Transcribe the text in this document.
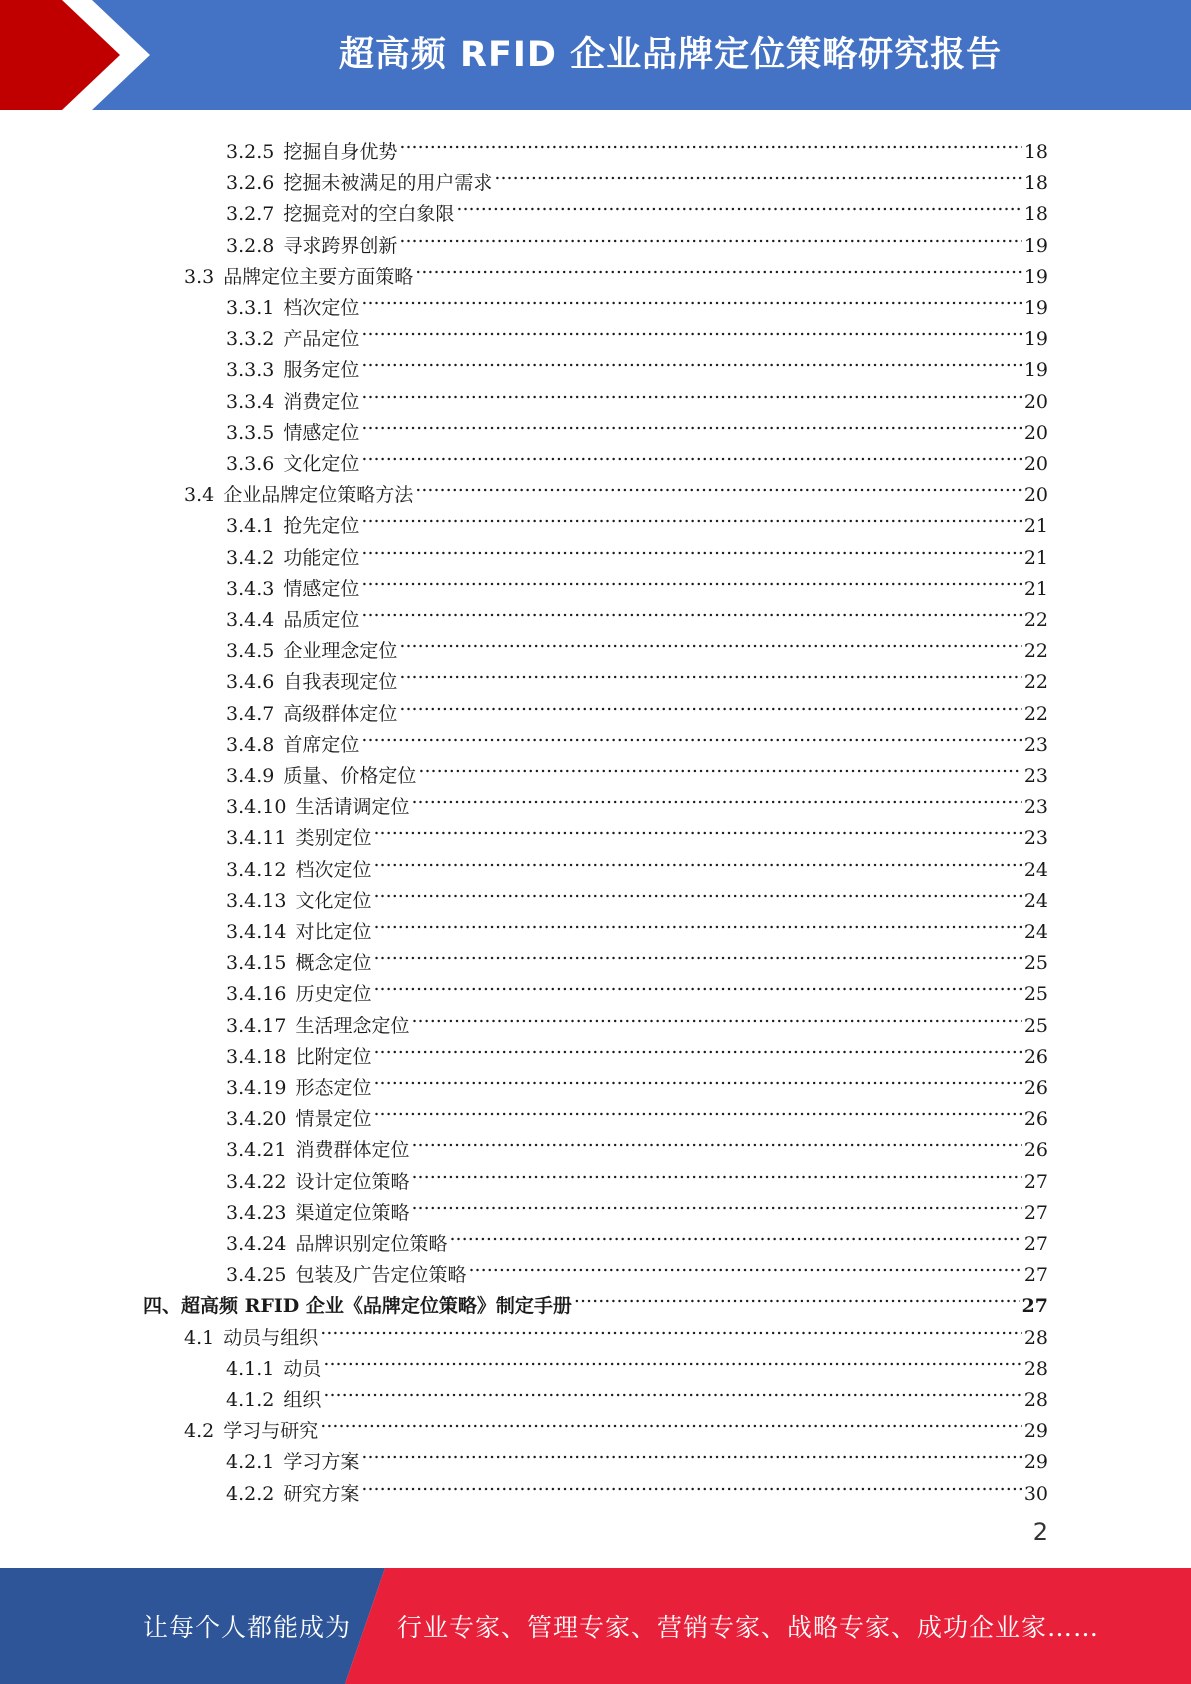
超高频 RFID 企业品牌定位策略研究报告
3.2.5 挖掘自身优势 . . .	18
3.2.6 挖掘未被满足的用户需求 . . .	18
3.2.7 挖掘竞对的空白象限 . . .	18
3.2.8 寻求跨界创新 . . .	19
3.3 品牌定位主要方面策略 . . .	19
3.3.1 档次定位 . . .	19
3.3.2 产品定位 . . .	19
3.3.3 服务定位 . . .	19
3.3.4 消费定位 . . .	20
3.3.5 情感定位 . . .	20
3.3.6 文化定位 . . .	20
3.4 企业品牌定位策略方法 . . .	20
3.4.1 抢先定位 . . .	21
3.4.2 功能定位 . . .	21
3.4.3 情感定位 . . .	21
3.4.4 品质定位 . . .	22
3.4.5 企业理念定位 . . .	22
3.4.6 自我表现定位 . . .	22
3.4.7 高级群体定位 . . .	22
3.4.8 首席定位 . . .	23
3.4.9 质量、价格定位 . . .	23
3.4.10 生活请调定位 . . .	23
3.4.11 类别定位 . . .	23
3.4.12 档次定位 . . .	24
3.4.13 文化定位 . . .	24
3.4.14 对比定位 . . .	24
3.4.15 概念定位 . . .	25
3.4.16 历史定位 . . .	25
3.4.17 生活理念定位 . . .	25
3.4.18 比附定位 . . .	26
3.4.19 形态定位 . . .	26
3.4.20 情景定位 . . .	26
3.4.21 消费群体定位 . . .	26
3.4.22 设计定位策略 . . .	27
3.4.23 渠道定位策略 . . .	27
3.4.24 品牌识别定位策略 . . .	27
3.4.25 包装及广告定位策略 . . .	27
四、 超高频 RFID 企业《品牌定位策略》制定手册 . . .	27
4.1 动员与组织 . . .	28
4.1.1 动员 . . .	28
4.1.2 组织 . . .	28
4.2 学习与研究 . . .	29
4.2.1 学习方案 . . .	29
4.2.2 研究方案 . . .	30
2
让每个人都能成为 行业专家、管理专家、营销专家、战略专家、成功企业家……
